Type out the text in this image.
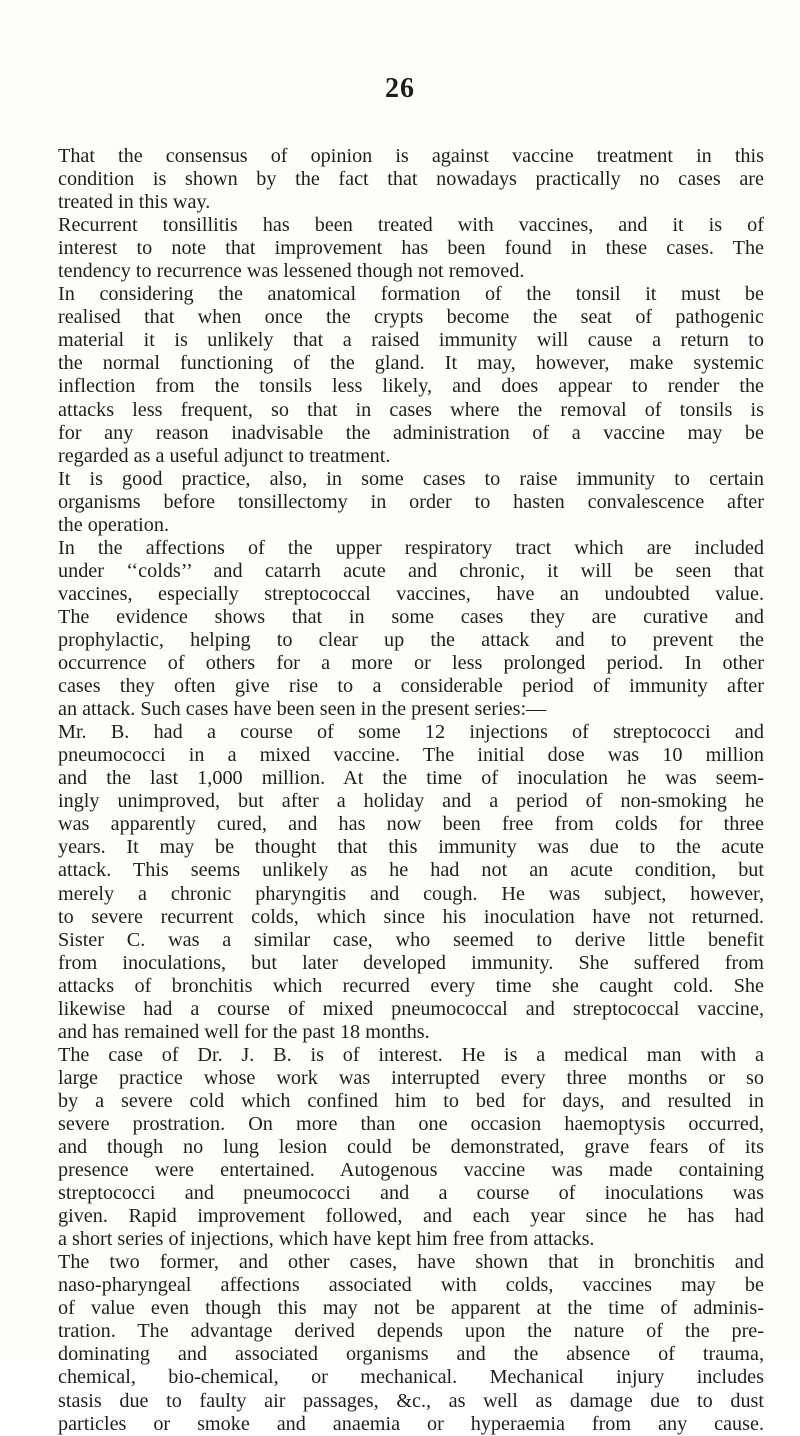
26
That the consensus of opinion is against vaccine treatment in this
condition is shown by the fact that nowadays practically no cases are
treated in this way.
Recurrent tonsillitis has been treated with vaccines, and it is of
interest to note that improvement has been found in these cases. The
tendency to recurrence was lessened though not removed.
In considering the anatomical formation of the tonsil it must be
realised that when once the crypts become the seat of pathogenic
material it is unlikely that a raised immunity will cause a return to
the normal functioning of the gland. It may, however, make systemic
inflection from the tonsils less likely, and does appear to render the
attacks less frequent, so that in cases where the removal of tonsils is
for any reason inadvisable the administration of a vaccine may be
regarded as a useful adjunct to treatment.
It is good practice, also, in some cases to raise immunity to certain
organisms before tonsillectomy in order to hasten convalescence after
the operation.
In the affections of the upper respiratory tract which are included
under ‘‘colds’’ and catarrh acute and chronic, it will be seen that
vaccines, especially streptococcal vaccines, have an undoubted value.
The evidence shows that in some cases they are curative and
prophylactic, helping to clear up the attack and to prevent the
occurrence of others for a more or less prolonged period. In other
cases they often give rise to a considerable period of immunity after
an attack. Such cases have been seen in the present series:—
Mr. B. had a course of some 12 injections of streptococci and
pneumococci in a mixed vaccine. The initial dose was 10 million
and the last 1,000 million. At the time of inoculation he was seem-
ingly unimproved, but after a holiday and a period of non-smoking he
was apparently cured, and has now been free from colds for three
years. It may be thought that this immunity was due to the acute
attack. This seems unlikely as he had not an acute condition, but
merely a chronic pharyngitis and cough. He was subject, however,
to severe recurrent colds, which since his inoculation have not returned.
Sister C. was a similar case, who seemed to derive little benefit
from inoculations, but later developed immunity. She suffered from
attacks of bronchitis which recurred every time she caught cold. She
likewise had a course of mixed pneumococcal and streptococcal vaccine,
and has remained well for the past 18 months.
The case of Dr. J. B. is of interest. He is a medical man with a
large practice whose work was interrupted every three months or so
by a severe cold which confined him to bed for days, and resulted in
severe prostration. On more than one occasion haemoptysis occurred,
and though no lung lesion could be demonstrated, grave fears of its
presence were entertained. Autogenous vaccine was made containing
streptococci and pneumococci and a course of inoculations was
given. Rapid improvement followed, and each year since he has had
a short series of injections, which have kept him free from attacks.
The two former, and other cases, have shown that in bronchitis and
naso-pharyngeal affections associated with colds, vaccines may be
of value even though this may not be apparent at the time of adminis-
tration. The advantage derived depends upon the nature of the pre-
dominating and associated organisms and the absence of trauma,
chemical, bio-chemical, or mechanical. Mechanical injury includes
stasis due to faulty air passages, &c., as well as damage due to dust
particles or smoke and anaemia or hyperaemia from any cause.
